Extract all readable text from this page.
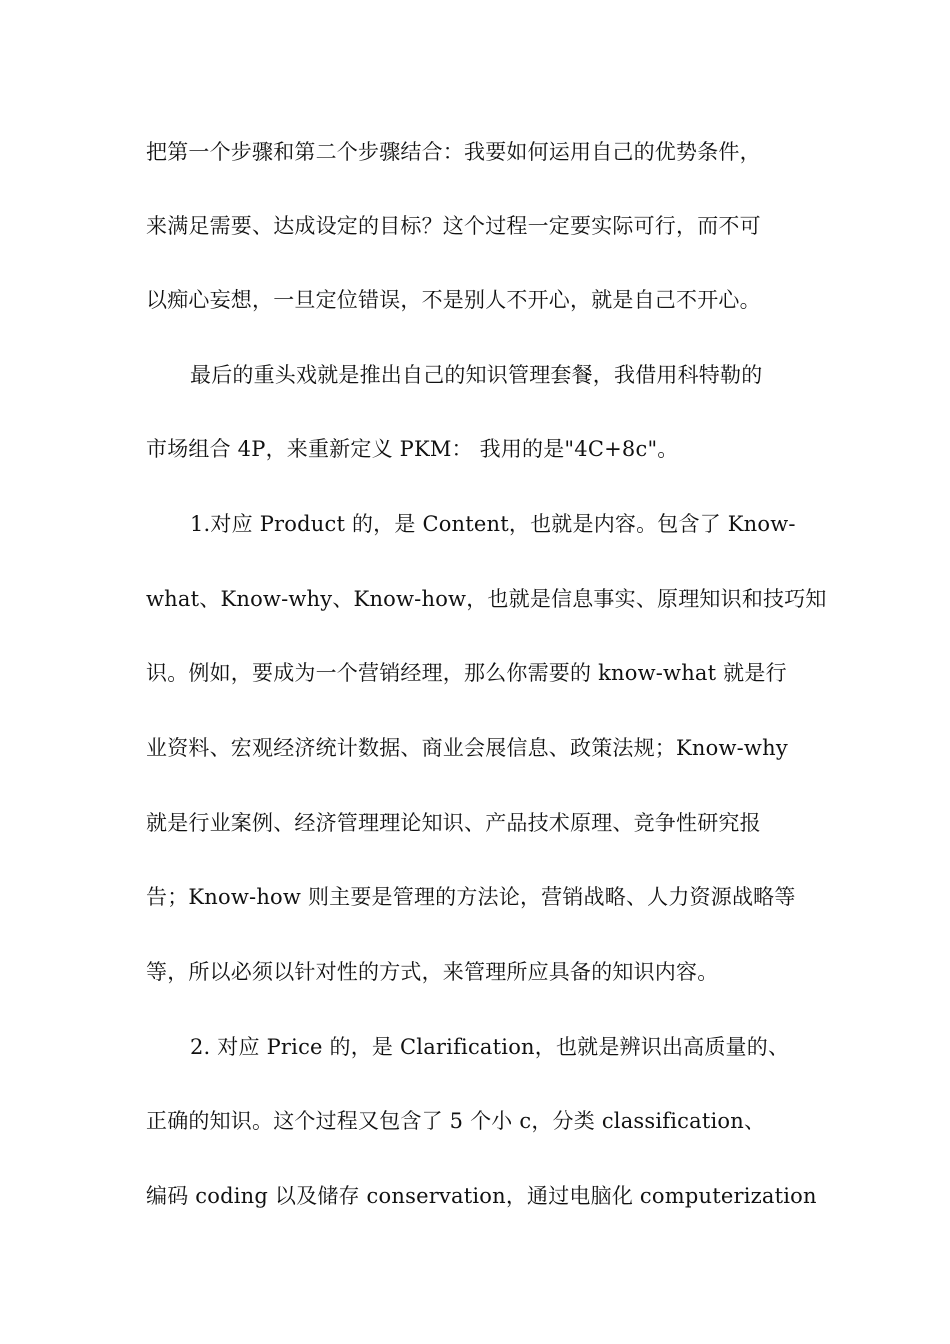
把第一个步骤和第二个步骤结合：我要如何运用自己的优势条件，
来满足需要、达成设定的目标？这个过程一定要实际可行，而不可
以痴心妄想，一旦定位错误，不是别人不开心，就是自己不开心。
最后的重头戏就是推出自己的知识管理套餐，我借用科特勒的
市场组合 4P，来重新定义 PKM： 我用的是"4C+8c"。
1.对应 Product 的，是 Content，也就是内容。包含了 Know-
what、Know-why、Know-how，也就是信息事实、原理知识和技巧知
识。例如，要成为一个营销经理，那么你需要的 know-what 就是行
业资料、宏观经济统计数据、商业会展信息、政策法规；Know-why
就是行业案例、经济管理理论知识、产品技术原理、竞争性研究报
告；Know-how 则主要是管理的方法论，营销战略、人力资源战略等
等，所以必须以针对性的方式，来管理所应具备的知识内容。
2. 对应 Price 的，是 Clarification，也就是辨识出高质量的、
正确的知识。这个过程又包含了 5 个小 c，分类 classification、
编码 coding 以及储存 conservation，通过电脑化 computerization
